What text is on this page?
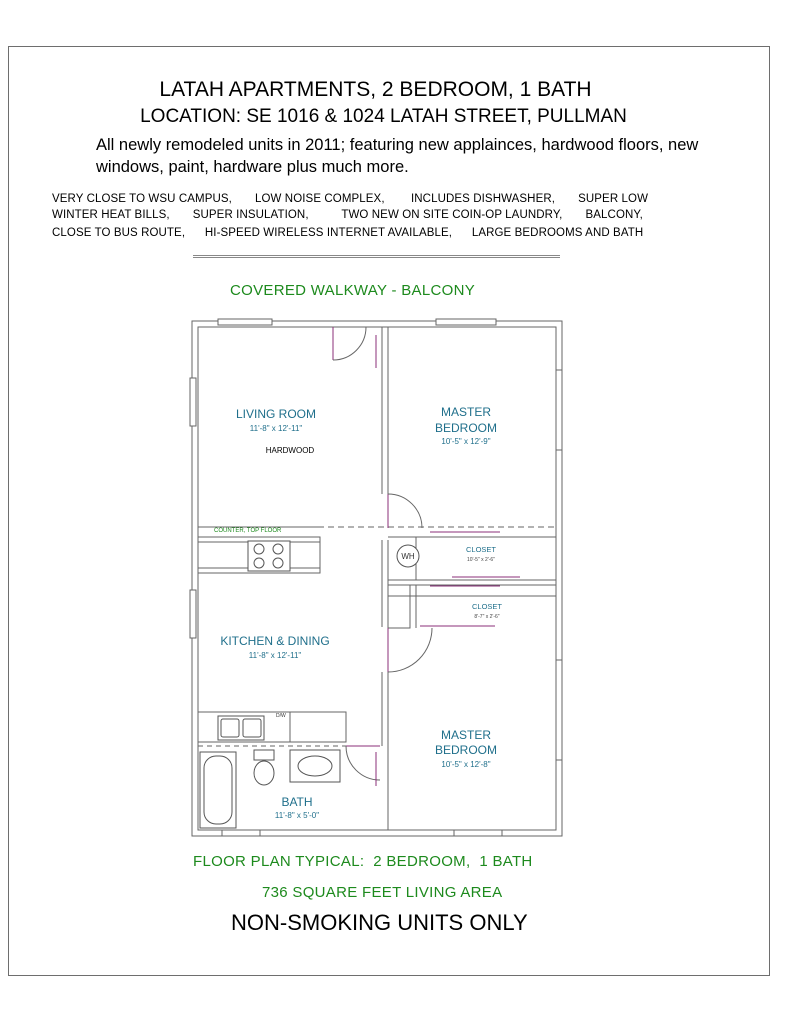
LATAH APARTMENTS, 2 BEDROOM, 1 BATH

LOCATION: SE 1016 & 1024 LATAH STREET, PULLMAN

All newly remodeled units in 2011; featuring new applainces, hardwood floors, new windows, paint, hardware plus much more.

VERY CLOSE TO WSU CAMPUS,       LOW NOISE COMPLEX,        INCLUDES DISHWASHER,       SUPER LOW
WINTER HEAT BILLS,       SUPER INSULATION,          TWO NEW ON SITE COIN-OP LAUNDRY,       BALCONY,
CLOSE TO BUS ROUTE,      HI-SPEED WIRELESS INTERNET AVAILABLE,      LARGE BEDROOMS AND BATH
COVERED WALKWAY - BALCONY
D/W
WH
LIVING ROOM
11'-8" x 12'-11"
HARDWOOD
MASTER
BEDROOM
10'-5" x 12'-9"
COUNTER, TOP FLOOR
CLOSET
10'-5" x 2'-6"
CLOSET
8'-7" x 2'-6"
KITCHEN & DINING
11'-8" x 12'-11"
MASTER
BEDROOM
10'-5" x 12'-8"
BATH
11'-8" x 5'-0"
FLOOR PLAN TYPICAL:  2 BEDROOM,  1 BATH
736 SQUARE FEET LIVING AREA
NON-SMOKING UNITS ONLY
